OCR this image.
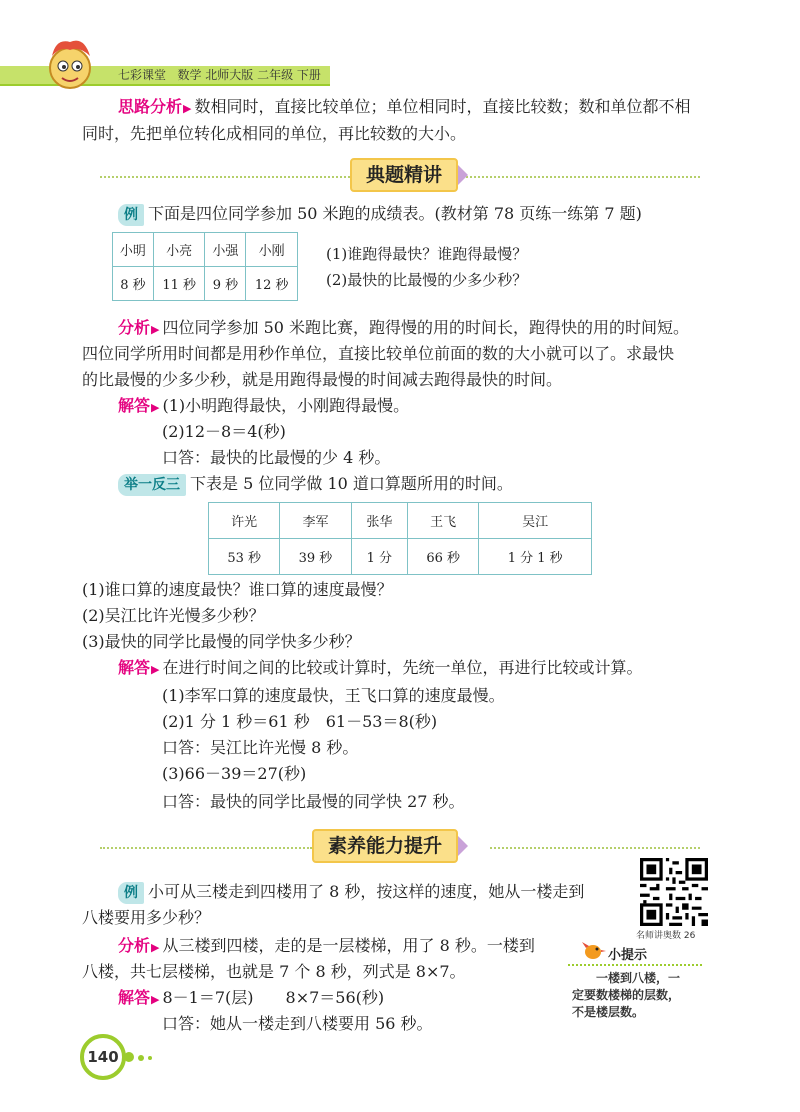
七彩课堂 数学 北师大版 二年级 下册
思路分析▶ 数相同时，直接比较单位；单位相同时，直接比较数；数和单位都不相
同时，先把单位转化成相同的单位，再比较数的大小。
典题精讲
例 下面是四位同学参加 50 米跑的成绩表。(教材第 78 页练一练第 7 题)
小明	小亮	小强	小刚
8 秒	11 秒	9 秒	12 秒
(1)谁跑得最快？谁跑得最慢？
(2)最快的比最慢的少多少秒？
分析▶ 四位同学参加 50 米跑比赛，跑得慢的用的时间长，跑得快的用的时间短。
四位同学所用时间都是用秒作单位，直接比较单位前面的数的大小就可以了。求最快
的比最慢的少多少秒，就是用跑得最慢的时间减去跑得最快的时间。
解答▶ (1)小明跑得最快，小刚跑得最慢。
(2)12－8＝4(秒)
口答：最快的比最慢的少 4 秒。
举一反三 下表是 5 位同学做 10 道口算题所用的时间。
许光	李军	张华	王飞	吴江
53 秒	39 秒	1 分	66 秒	1 分 1 秒
(1)谁口算的速度最快？谁口算的速度最慢？
(2)吴江比许光慢多少秒？
(3)最快的同学比最慢的同学快多少秒？
解答▶ 在进行时间之间的比较或计算时，先统一单位，再进行比较或计算。
(1)李军口算的速度最快，王飞口算的速度最慢。
(2)1 分 1 秒＝61 秒　61－53＝8(秒)
口答：吴江比许光慢 8 秒。
(3)66－39＝27(秒)
口答：最快的同学比最慢的同学快 27 秒。
素养能力提升
名师讲奥数 26
例 小可从三楼走到四楼用了 8 秒，按这样的速度，她从一楼走到
八楼要用多少秒？
分析▶ 从三楼到四楼，走的是一层楼梯，用了 8 秒。一楼到
八楼，共七层楼梯，也就是 7 个 8 秒，列式是 8×7。
解答▶ 8－1＝7(层)　　8×7＝56(秒)
口答：她从一楼走到八楼要用 56 秒。
小提示
一楼到八楼，一
定要数楼梯的层数，
不是楼层数。
140
